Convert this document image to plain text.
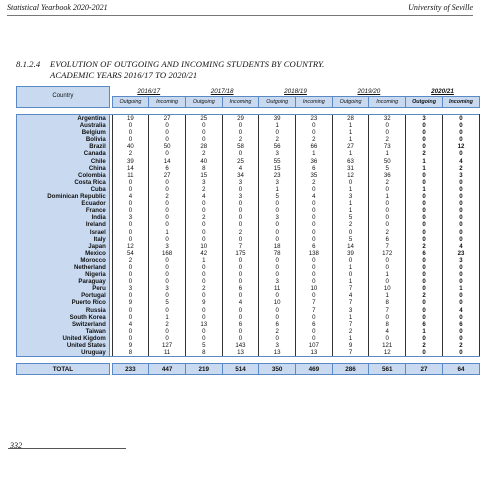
Statistical Yearbook 2020-2021	University of Seville
8.1.2.4 EVOLUTION OF OUTGOING AND INCOMING STUDENTS BY COUNTRY.
ACADEMIC YEARS 2016/17 TO 2020/21
Country		2016/17		2017/18		2018/19		2019/20		2020/21	
		Outgoing	Incoming	Outgoing	Incoming	Outgoing	Incoming	Outgoing	Incoming	Outgoing	Incoming

Argentina		19	27	25	29	39	23	28	32	3	0
Australia		0	0	0	0	1	0	1	0	0	0
Belgium		0	0	0	0	0	0	1	0	0	0
Bolivia		0	0	0	2	2	2	1	2	0	0
Brazil		40	50	28	58	56	66	27	73	0	12
Canada		2	0	2	0	3	1	1	1	2	0
Chile		39	14	40	25	55	36	63	50	1	4
China		14	6	8	4	15	6	31	5	1	2
Colombia		11	27	15	34	23	35	12	36	0	3
Costa Rica		0	0	3	3	3	2	0	2	0	0
Cuba		0	0	2	0	1	0	1	0	1	0
Dominican Republic		4	2	4	3	5	4	3	1	0	0
Ecuador		0	0	0	0	0	0	1	0	0	0
France		0	0	0	0	0	0	1	0	0	0
India		3	0	2	0	3	0	5	0	0	0
Ireland		0	0	0	0	0	0	2	0	0	0
Israel		0	1	0	2	0	0	0	2	0	0
Italy		0	0	0	0	0	0	5	6	0	0
Japan		12	3	10	7	18	6	14	7	2	4
Mexico		54	168	42	175	78	138	39	172	6	23
Morocco		2	0	1	0	0	0	0	0	0	3
Netherland		0	0	0	0	0	0	1	0	0	0
Nigeria		0	0	0	0	0	0	0	1	0	0
Paraguay		0	0	0	0	3	0	1	0	0	0
Peru		3	3	2	6	11	10	7	10	0	1
Portugal		0	0	0	0	0	0	4	1	2	0
Puerto Rico		9	5	9	4	10	7	7	8	0	0
Russia		0	0	0	0	0	7	3	7	0	4
South Korea		0	1	0	0	0	0	1	0	0	0
Switzerland		4	2	13	6	6	6	7	8	6	6
Taiwan		0	0	0	0	2	0	2	4	1	0
United Kigdom		0	0	0	0	0	0	1	0	0	0
United States		9	127	5	143	3	107	9	121	2	2
Uruguay		8	11	8	13	13	13	7	12	0	0

TOTAL		233	447	219	514	350	469	286	561	27	64
332
